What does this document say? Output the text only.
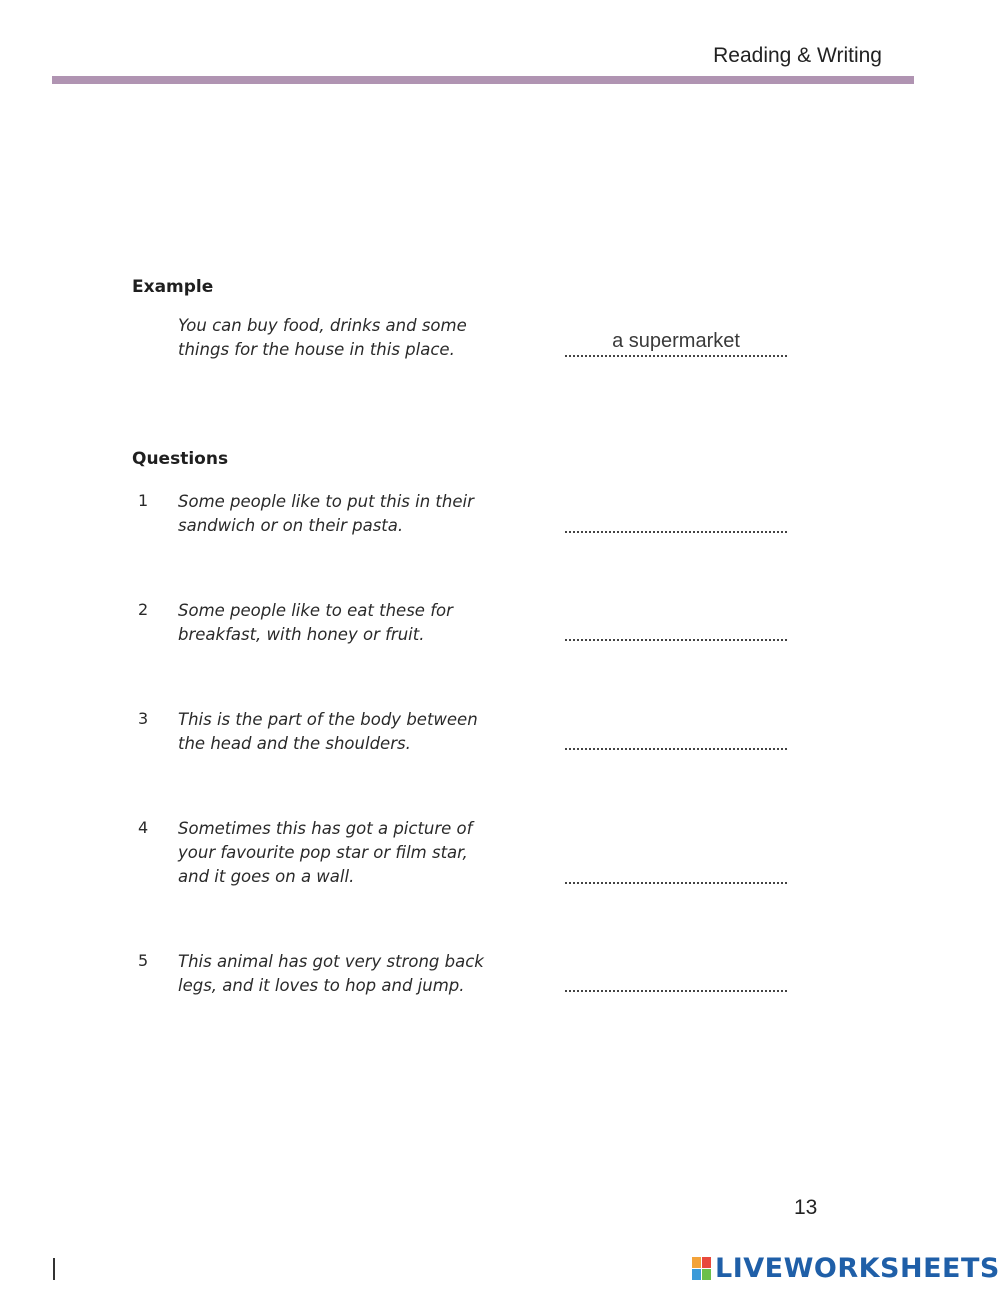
Reading & Writing
Example
You can buy food, drinks and some
things for the house in this place.	a supermarket
Questions
1 Some people like to put this in their
sandwich or on their pasta.
2 Some people like to eat these for
breakfast, with honey or fruit.
3 This is the part of the body between
the head and the shoulders.
4 Sometimes this has got a picture of
your favourite pop star or film star,
and it goes on a wall.
5 This animal has got very strong back
legs, and it loves to hop and jump.
13
LIVEWORKSHEETS
